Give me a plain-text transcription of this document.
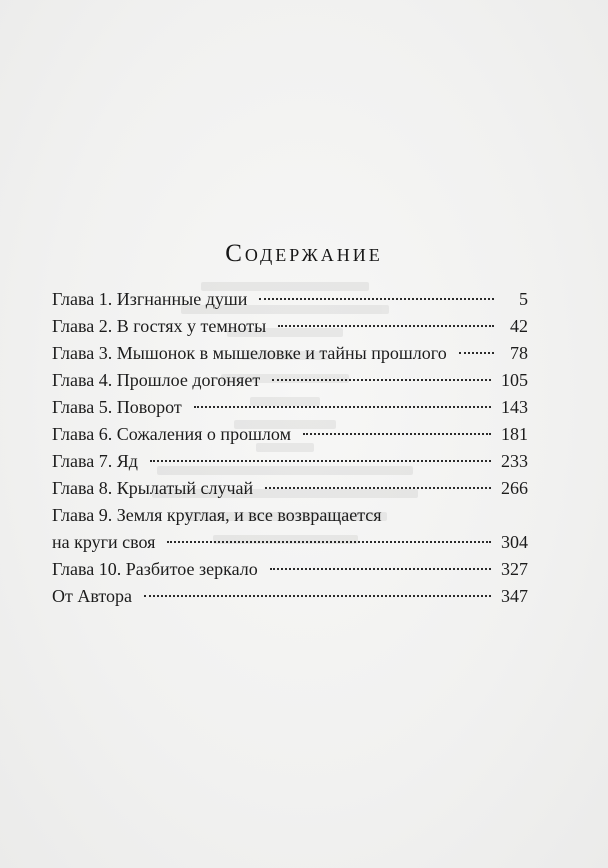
Содержание
Глава 1. Изгнанные души	5
Глава 2. В гостях у темноты	42
Глава 3. Мышонок в мышеловке и тайны прошлого	78
Глава 4. Прошлое догоняет	105
Глава 5. Поворот	143
Глава 6. Сожаления о прошлом	181
Глава 7. Яд	233
Глава 8. Крылатый случай	266
Глава 9. Земля круглая, и все возвращается
на круги своя	304
Глава 10. Разбитое зеркало	327
От Автора	347
